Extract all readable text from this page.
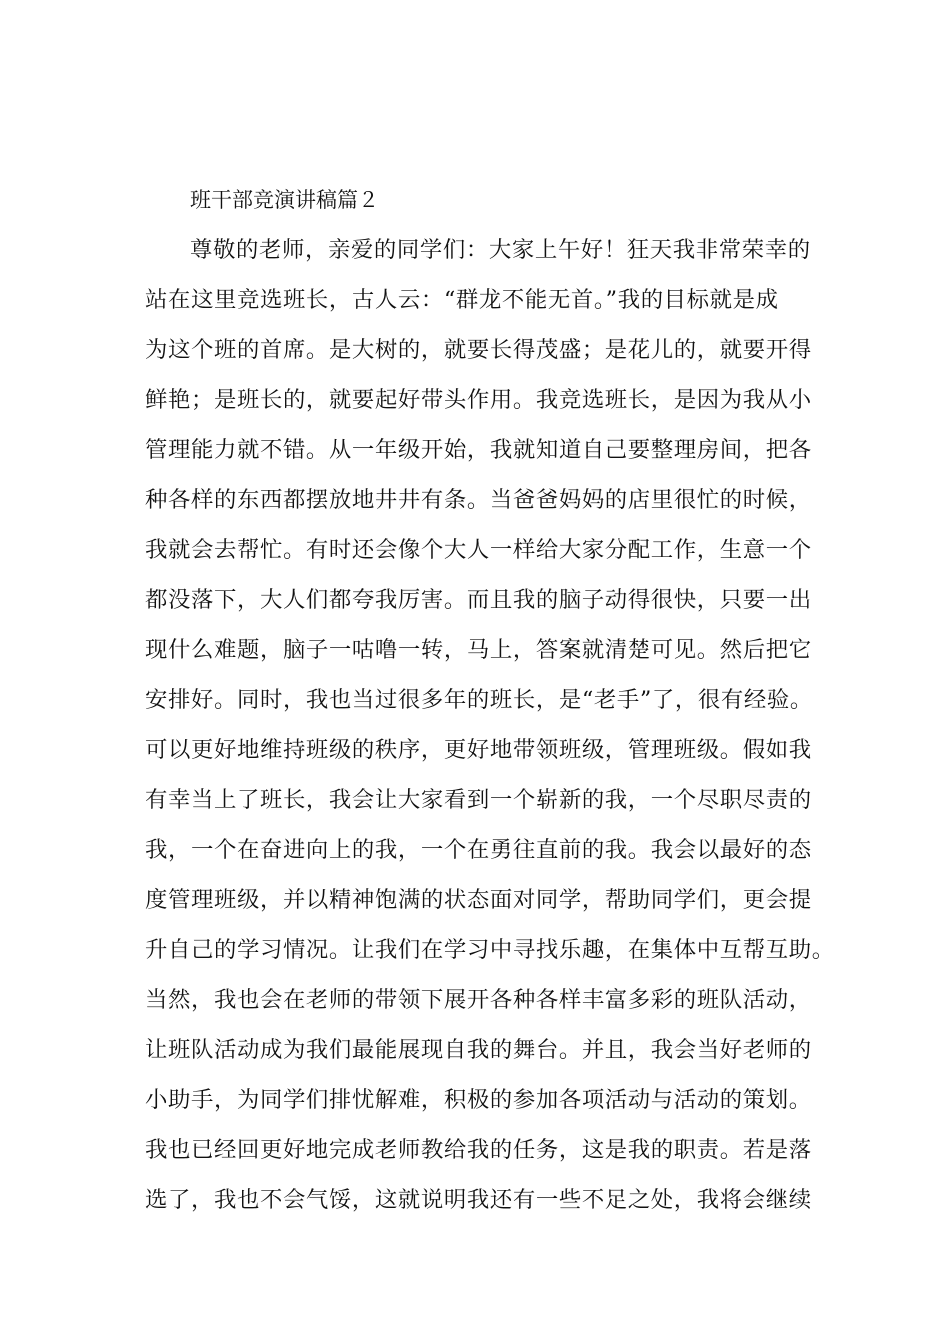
班干部竞演讲稿篇２
尊敬的老师，亲爱的同学们：大家上午好！狂天我非常荣幸的
站在这里竞选班长，古人云：“群龙不能无首。”我的目标就是成
为这个班的首席。是大树的，就要长得茂盛；是花儿的，就要开得
鲜艳；是班长的，就要起好带头作用。我竞选班长，是因为我从小
管理能力就不错。从一年级开始，我就知道自己要整理房间，把各
种各样的东西都摆放地井井有条。当爸爸妈妈的店里很忙的时候，
我就会去帮忙。有时还会像个大人一样给大家分配工作，生意一个
都没落下，大人们都夸我厉害。而且我的脑子动得很快，只要一出
现什么难题，脑子一咕噜一转，马上，答案就清楚可见。然后把它
安排好。同时，我也当过很多年的班长，是“老手”了，很有经验。
可以更好地维持班级的秩序，更好地带领班级，管理班级。假如我
有幸当上了班长，我会让大家看到一个崭新的我，一个尽职尽责的
我，一个在奋进向上的我，一个在勇往直前的我。我会以最好的态
度管理班级，并以精神饱满的状态面对同学，帮助同学们，更会提
升自己的学习情况。让我们在学习中寻找乐趣，在集体中互帮互助。
当然，我也会在老师的带领下展开各种各样丰富多彩的班队活动，
让班队活动成为我们最能展现自我的舞台。并且，我会当好老师的
小助手，为同学们排忧解难，积极的参加各项活动与活动的策划。
我也已经回更好地完成老师教给我的任务，这是我的职责。若是落
选了，我也不会气馁，这就说明我还有一些不足之处，我将会继续
